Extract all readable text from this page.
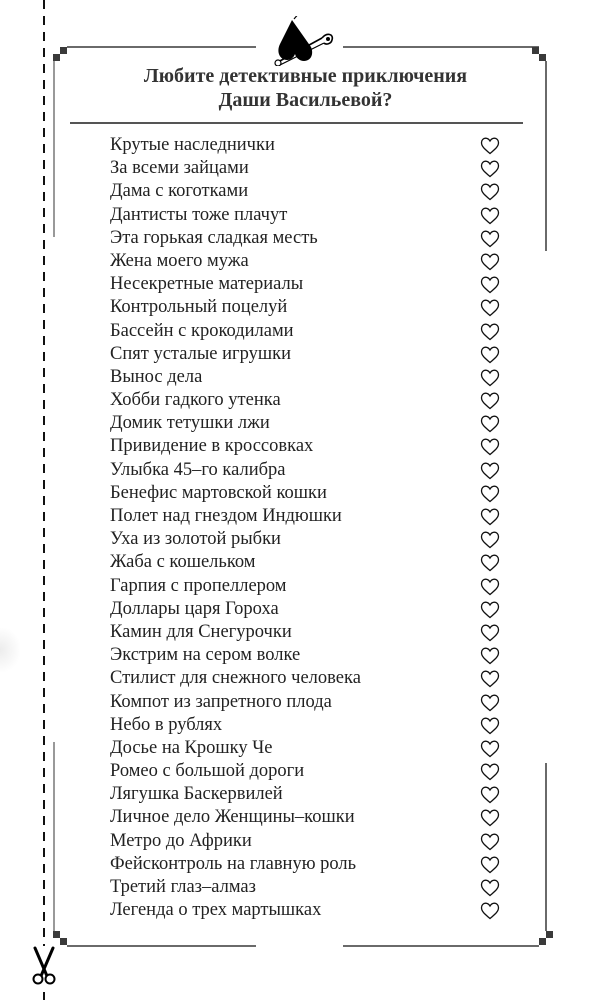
Любите детективные приключения
Даши Васильевой?
Крутые наследнички
За всеми зайцами
Дама с коготками
Дантисты тоже плачут
Эта горькая сладкая месть
Жена моего мужа
Несекретные материалы
Контрольный поцелуй
Бассейн с крокодилами
Спят усталые игрушки
Вынос дела
Хобби гадкого утенка
Домик тетушки лжи
Привидение в кроссовках
Улыбка 45–го калибра
Бенефис мартовской кошки
Полет над гнездом Индюшки
Уха из золотой рыбки
Жаба с кошельком
Гарпия с пропеллером
Доллары царя Гороха
Камин для Снегурочки
Экстрим на сером волке
Стилист для снежного человека
Компот из запретного плода
Небо в рублях
Досье на Крошку Че
Ромео с большой дороги
Лягушка Баскервилей
Личное дело Женщины–кошки
Метро до Африки
Фейсконтроль на главную роль
Третий глаз–алмаз
Легенда о трех мартышках
